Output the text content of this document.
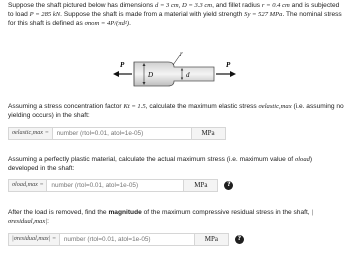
Suppose the shaft pictured below has dimensions d = 3 cm, D = 3.3 cm, and fillet radius r = 0.4 cm and is subjected to load P = 285 kN. Suppose the shaft is made from a material with yield strength Sy = 527 MPa. The nominal stress for this shaft is defined as σnom = 4P/(πd²).
P	P
D	d
r
Assuming a stress concentration factor Kt = 1.5, calculate the maximum elastic stress σelastic,max (i.e. assuming no yielding occurs) in the shaft:
σelastic,max =
number (rtol=0.01, atol=1e-05)	MPa
Assuming a perfectly plastic material, calculate the actual maximum stress (i.e. maximum value of σload) developed in the shaft:
σload,max =
number (rtol=0.01, atol=1e-05)	MPa	?
After the load is removed, find the magnitude of the maximum compressive residual stress in the shaft, |σresidual,max|:
|σresidual,max| =
number (rtol=0.01, atol=1e-05)	MPa	?
